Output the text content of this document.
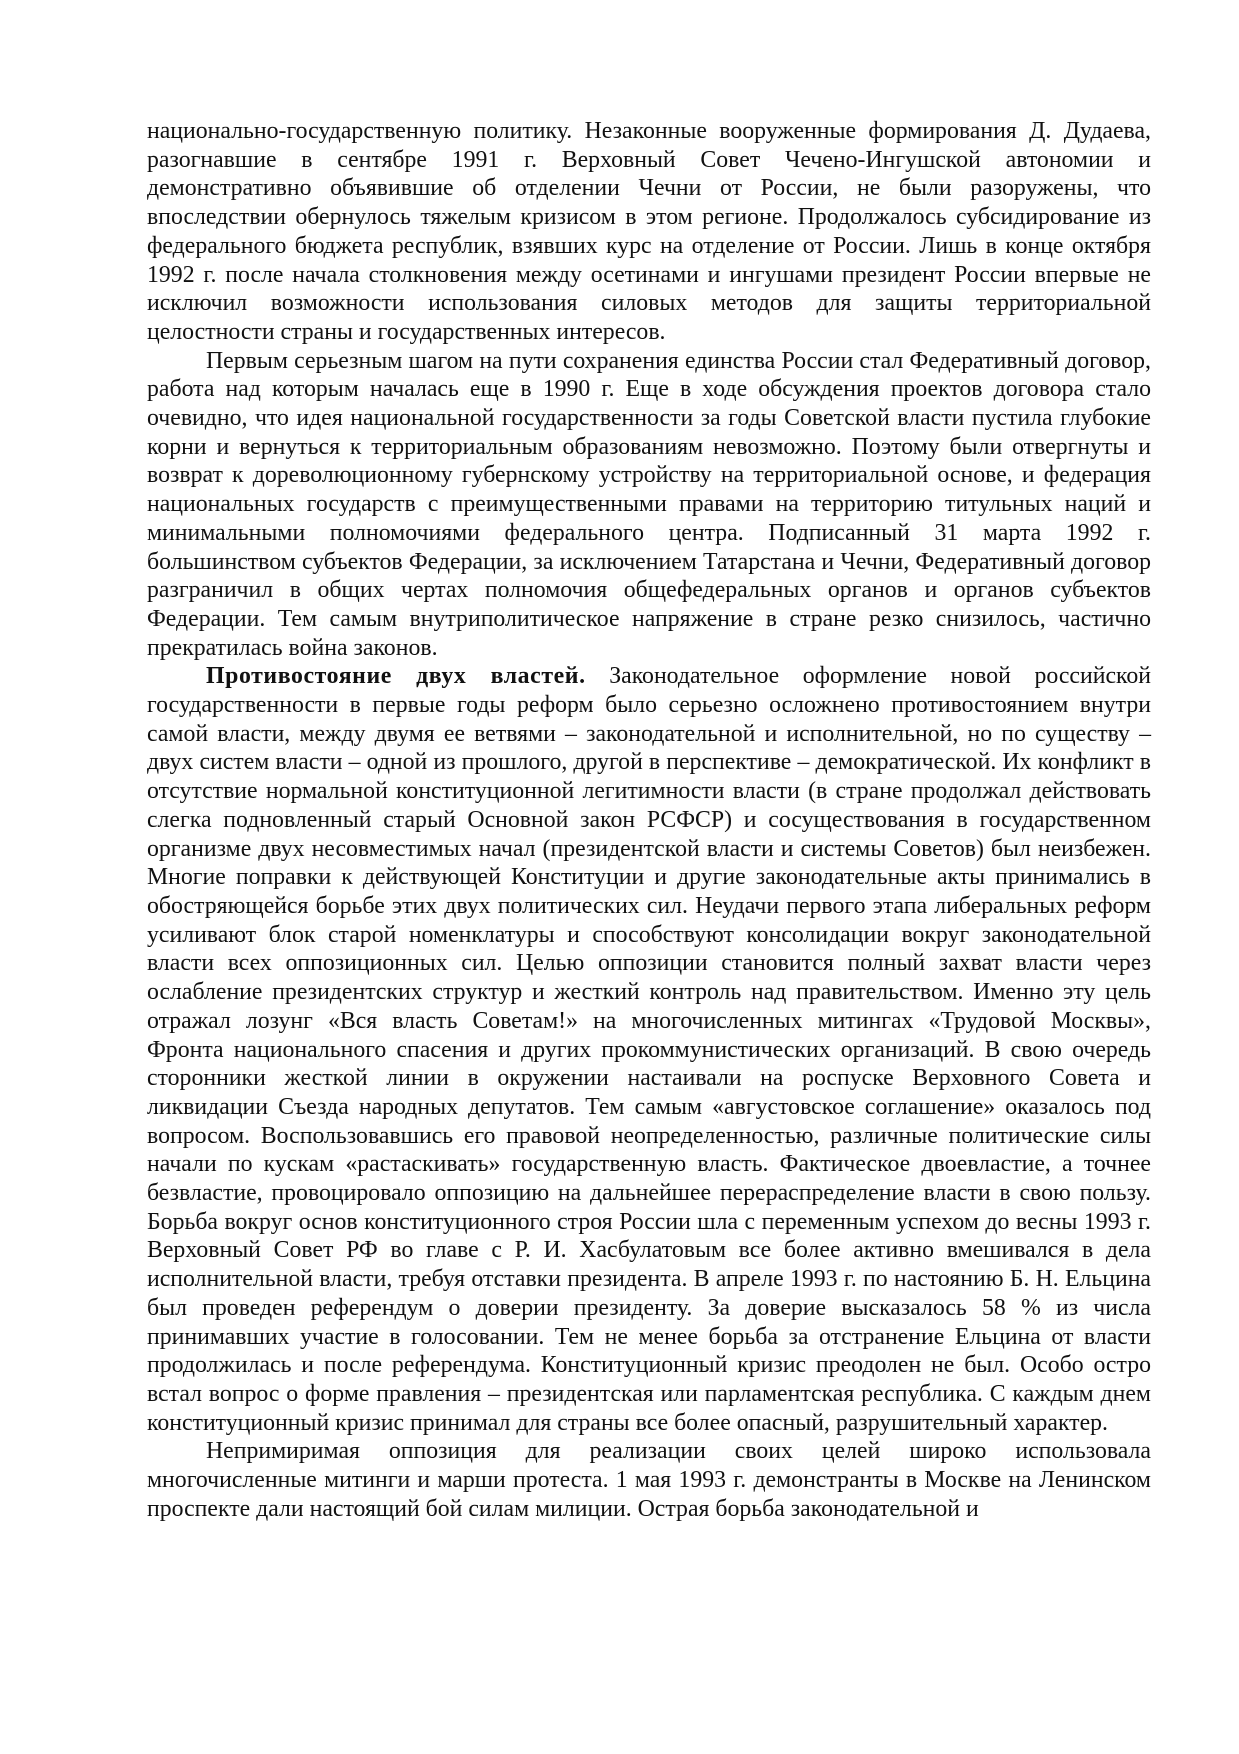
национально-государственную политику. Незаконные вооруженные формирования Д. Дудаева, разогнавшие в сентябре 1991 г. Верховный Совет Чечено-Ингушской автономии и демонстративно объявившие об отделении Чечни от России, не были разоружены, что впоследствии обернулось тяжелым кризисом в этом регионе. Продолжалось субсидирование из федерального бюджета республик, взявших курс на отделение от России. Лишь в конце октября 1992 г. после начала столкновения между осетинами и ингушами президент России впервые не исключил возможности использования силовых методов для защиты территориальной целостности страны и государственных интересов.

Первым серьезным шагом на пути сохранения единства России стал Федеративный договор, работа над которым началась еще в 1990 г. Еще в ходе обсуждения проектов договора стало очевидно, что идея национальной государственности за годы Советской власти пустила глубокие корни и вернуться к территориальным образованиям невозможно. Поэтому были отвергнуты и возврат к дореволюционному губернскому устройству на территориальной основе, и федерация национальных государств с преимущественными правами на территорию титульных наций и минимальными полномочиями федерального центра. Подписанный 31 марта 1992 г. большинством субъектов Федерации, за исключением Татарстана и Чечни, Федеративный договор разграничил в общих чертах полномочия общефедеральных органов и органов субъектов Федерации. Тем самым внутриполитическое напряжение в стране резко снизилось, частично прекратилась война законов.

Противостояние двух властей. Законодательное оформление новой российской государственности в первые годы реформ было серьезно осложнено противостоянием внутри самой власти, между двумя ее ветвями – законодательной и исполнительной, но по существу – двух систем власти – одной из прошлого, другой в перспективе – демократической. Их конфликт в отсутствие нормальной конституционной легитимности власти (в стране продолжал действовать слегка подновленный старый Основной закон РСФСР) и сосуществования в государственном организме двух несовместимых начал (президентской власти и системы Советов) был неизбежен. Многие поправки к действующей Конституции и другие законодательные акты принимались в обостряющейся борьбе этих двух политических сил. Неудачи первого этапа либеральных реформ усиливают блок старой номенклатуры и способствуют консолидации вокруг законодательной власти всех оппозиционных сил. Целью оппозиции становится полный захват власти через ослабление президентских структур и жесткий контроль над правительством. Именно эту цель отражал лозунг «Вся власть Советам!» на многочисленных митингах «Трудовой Москвы», Фронта национального спасения и других прокоммунистических организаций. В свою очередь сторонники жесткой линии в окружении настаивали на роспуске Верховного Совета и ликвидации Съезда народных депутатов. Тем самым «августовское соглашение» оказалось под вопросом. Воспользовавшись его правовой неопределенностью, различные политические силы начали по кускам «растаскивать» государственную власть. Фактическое двоевластие, а точнее безвластие, провоцировало оппозицию на дальнейшее перераспределение власти в свою пользу. Борьба вокруг основ конституционного строя России шла с переменным успехом до весны 1993 г. Верховный Совет РФ во главе с Р. И. Хасбулатовым все более активно вмешивался в дела исполнительной власти, требуя отставки президента. В апреле 1993 г. по настоянию Б. Н. Ельцина был проведен референдум о доверии президенту. За доверие высказалось 58 % из числа принимавших участие в голосовании. Тем не менее борьба за отстранение Ельцина от власти продолжилась и после референдума. Конституционный кризис преодолен не был. Особо остро встал вопрос о форме правления – президентская или парламентская республика. С каждым днем конституционный кризис принимал для страны все более опасный, разрушительный характер.

Непримиримая оппозиция для реализации своих целей широко использовала многочисленные митинги и марши протеста. 1 мая 1993 г. демонстранты в Москве на Ленинском проспекте дали настоящий бой силам милиции. Острая борьба законодательной и
